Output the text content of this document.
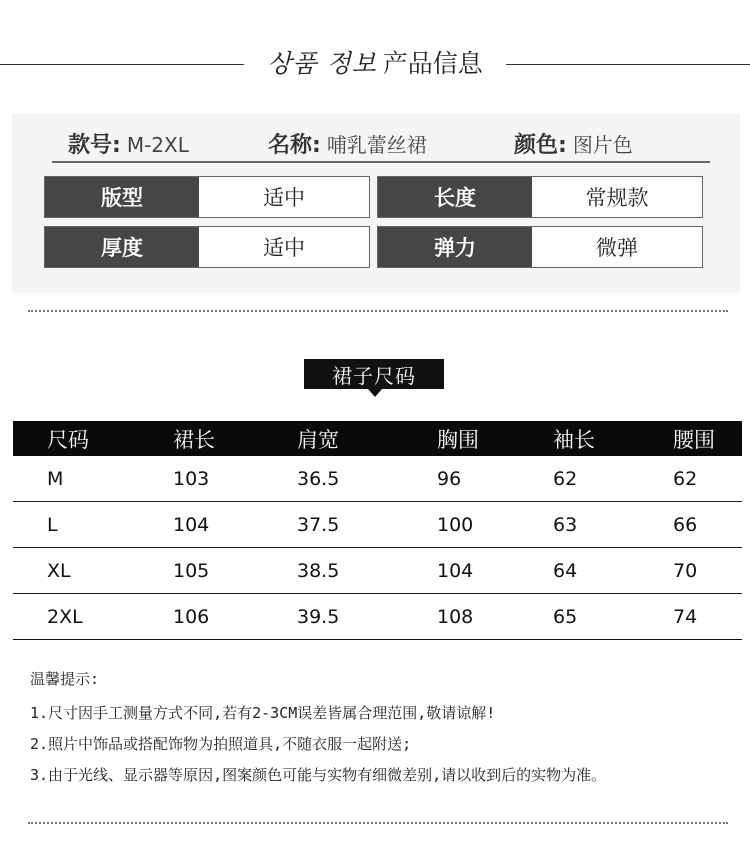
상품 정보 产品信息
款号: M-2XL	名称: 哺乳蕾丝裙	颜色: 图片色
版型	适中	长度	常规款
厚度	适中	弹力	微弹
裙子尺码
尺码	裙长	肩宽	胸围	袖长	腰围
M	103	36.5	96	62	62
L	104	37.5	100	63	66
XL	105	38.5	104	64	70
2XL	106	39.5	108	65	74
温馨提示:
1.尺寸因手工测量方式不同,若有2-3CM误差皆属合理范围,敬请谅解!
2.照片中饰品或搭配饰物为拍照道具,不随衣服一起附送;
3.由于光线、显示器等原因,图案颜色可能与实物有细微差别,请以收到后的实物为准。
